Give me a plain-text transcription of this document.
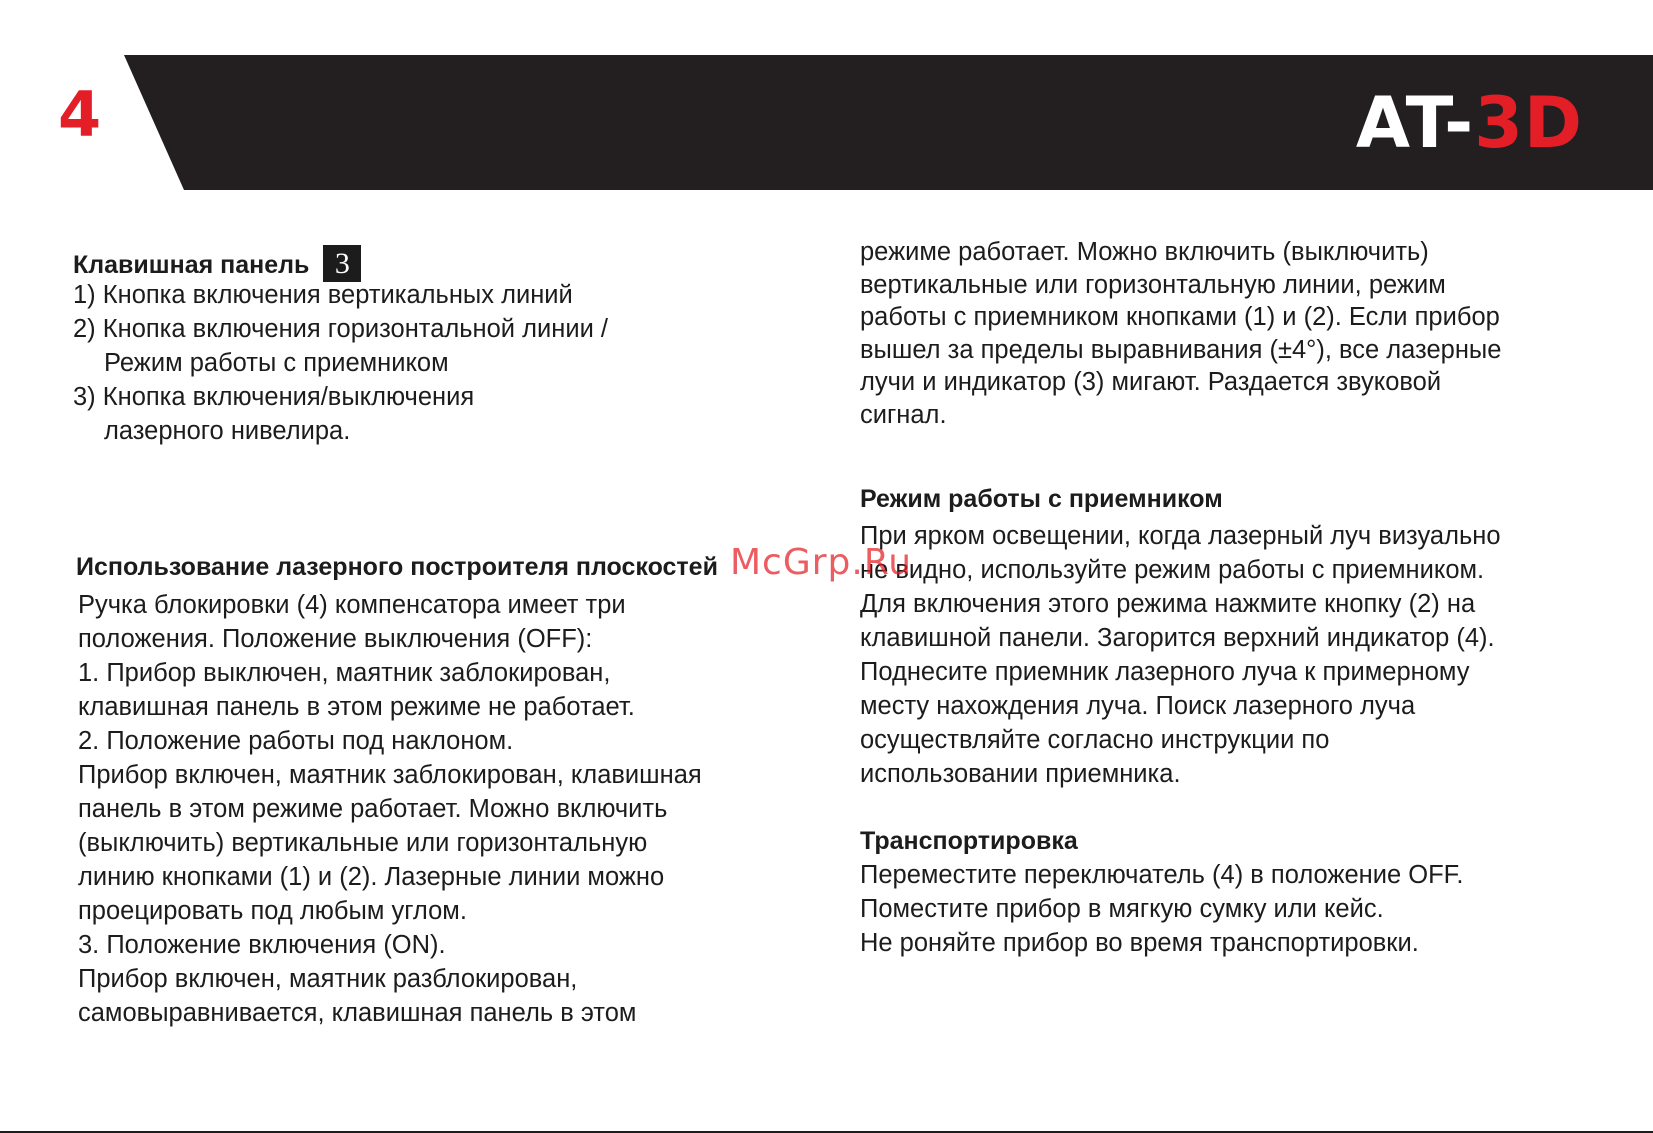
4	AT-3D
Клавишная панель 3
1) Кнопка включения вертикальных линий
2) Кнопка включения горизонтальной линии /
Режим работы с приемником
3) Кнопка включения/выключения
лазерного нивелира.
Использование лазерного построителя плоскостей
Ручка блокировки (4) компенсатора имеет три
положения. Положение выключения (OFF):
1. Прибор выключен, маятник заблокирован,
клавишная панель в этом режиме не работает.
2. Положение работы под наклоном.
Прибор включен, маятник заблокирован, клавишная
панель в этом режиме работает. Можно включить
(выключить) вертикальные или горизонтальную
линию кнопками (1) и (2). Лазерные линии можно
проецировать под любым углом.
3. Положение включения (ON).
Прибор включен, маятник разблокирован,
самовыравнивается, клавишная панель в этом
режиме работает. Можно включить (выключить)
вертикальные или горизонтальную линии, режим
работы с приемником кнопками (1) и (2). Если прибор
вышел за пределы выравнивания (±4°), все лазерные
лучи и индикатор (3) мигают. Раздается звуковой
сигнал.
Режим работы с приемником
При ярком освещении, когда лазерный луч визуально
не видно, используйте режим работы с приемником.
Для включения этого режима нажмите кнопку (2) на
клавишной панели. Загорится верхний индикатор (4).
Поднесите приемник лазерного луча к примерному
месту нахождения луча. Поиск лазерного луча
осуществляйте согласно инструкции по
использовании приемника.
Транспортировка
Переместите переключатель (4) в положение OFF.
Поместите прибор в мягкую сумку или кейс.
Не роняйте прибор во время транспортировки.
McGrp.Ru
